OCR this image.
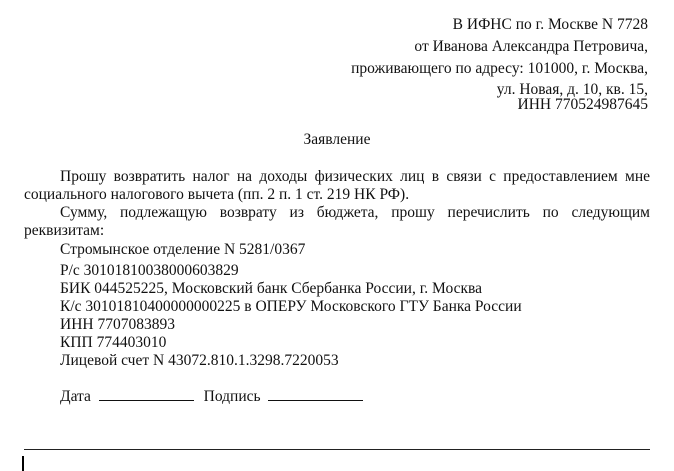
В ИФНС по г. Москве N 7728
от Иванова Александра Петровича,
проживающего по адресу: 101000, г. Москва,
ул. Новая, д. 10, кв. 15,
ИНН 770524987645
Заявление
Прошу возвратить налог на доходы физических лиц в связи с предоставлением мне
социального налогового вычета (пп. 2 п. 1 ст. 219 НК РФ).
Сумму, подлежащую возврату из бюджета, прошу перечислить по следующим
реквизитам:
Стромынское отделение N 5281/0367
Р/с 30101810038000603829
БИК 044525225, Московский банк Сбербанка России, г. Москва
К/с 30101810400000000225 в ОПЕРУ Московского ГТУ Банка России
ИНН 7707083893
КПП 774403010
Лицевой счет N 43072.810.1.3298.7220053
Дата	Подпись
